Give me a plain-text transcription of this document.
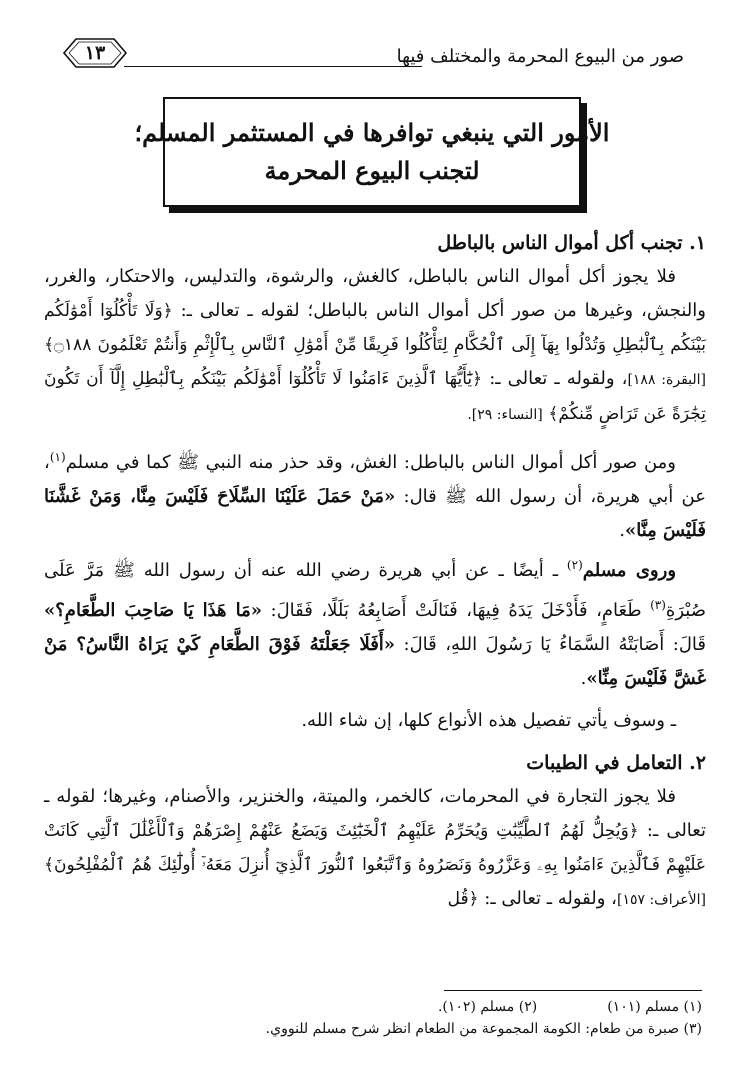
صور من البيوع المحرمة والمختلف فيها
١٣
الأمور التي ينبغي توافرها في المستثمر المسلم؛
لتجنب البيوع المحرمة

١. تجنب أكل أموال الناس بالباطل

فلا يجوز أكل أموال الناس بالباطل، كالغش، والرشوة، والتدليس، والاحتكار، والغرر، والنجش، وغيرها من صور أكل أموال الناس بالباطل؛ لقوله ـ تعالى ـ: ﴿وَلَا تَأْكُلُوٓا أَمْوَٰلَكُم بَيْنَكُم بِٱلْبَٰطِلِ وَتُدْلُوا بِهَآ إِلَى ٱلْحُكَّامِ لِتَأْكُلُوا فَرِيقًا مِّنْ أَمْوَٰلِ ٱلنَّاسِ بِٱلْإِثْمِ وَأَنتُمْ تَعْلَمُونَ ۝١٨٨﴾ [البقرة: ١٨٨]، ولقوله ـ تعالى ـ: ﴿يَٰٓأَيُّهَا ٱلَّذِينَ ءَامَنُوا لَا تَأْكُلُوٓا أَمْوَٰلَكُم بَيْنَكُم بِٱلْبَٰطِلِ إِلَّآ أَن تَكُونَ تِجَٰرَةً عَن تَرَاضٍ مِّنكُمْ﴾ [النساء: ٢٩].

ومن صور أكل أموال الناس بالباطل: الغش، وقد حذر منه النبي ﷺ كما في مسلم$^{(١)}$، عن أبي هريرة، أن رسول الله ﷺ قال: «مَنْ حَمَلَ عَلَيْنَا السِّلَاحَ فَلَيْسَ مِنَّا، وَمَنْ غَشَّنَا فَلَيْسَ مِنَّا».

وروى مسلم$^{(٢)}$ ـ أيضًا ـ عن أبي هريرة رضي الله عنه أن رسول الله ﷺ مَرَّ عَلَى صُبْرَةِ$^{(٣)}$ طَعَامٍ، فَأَدْخَلَ يَدَهُ فِيهَا، فَنَالَتْ أَصَابِعُهُ بَلَلًا، فَقَالَ: «مَا هَذَا يَا صَاحِبَ الطَّعَامِ؟» قَالَ: أَصَابَتْهُ السَّمَاءُ يَا رَسُولَ اللهِ، قَالَ: «أَفَلَا جَعَلْتَهُ فَوْقَ الطَّعَامِ كَيْ يَرَاهُ النَّاسُ؟ مَنْ غَشَّ فَلَيْسَ مِنِّا».

ـ وسوف يأتي تفصيل هذه الأنواع كلها، إن شاء الله.

٢. التعامل في الطيبات

فلا يجوز التجارة في المحرمات، كالخمر، والميتة، والخنزير، والأصنام، وغيرها؛ لقوله ـ تعالى ـ: ﴿وَيُحِلُّ لَهُمُ ٱلطَّيِّبَٰتِ وَيُحَرِّمُ عَلَيْهِمُ ٱلْخَبَٰٓئِثَ وَيَضَعُ عَنْهُمْ إِصْرَهُمْ وَٱلْأَغْلَٰلَ ٱلَّتِي كَانَتْ عَلَيْهِمْ فَٱلَّذِينَ ءَامَنُوا بِهِۦ وَعَزَّرُوهُ وَنَصَرُوهُ وَٱتَّبَعُوا ٱلنُّورَ ٱلَّذِيٓ أُنزِلَ مَعَهُۥٓ أُولَٰٓئِكَ هُمُ ٱلْمُفْلِحُونَ﴾ [الأعراف: ١٥٧]، ولقوله ـ تعالى ـ: ﴿قُل

(١) مسلم (١٠١)
(٢) مسلم (١٠٢).
(٣) صبرة من طعام: الكومة المجموعة من الطعام انظر شرح مسلم للنووي.
